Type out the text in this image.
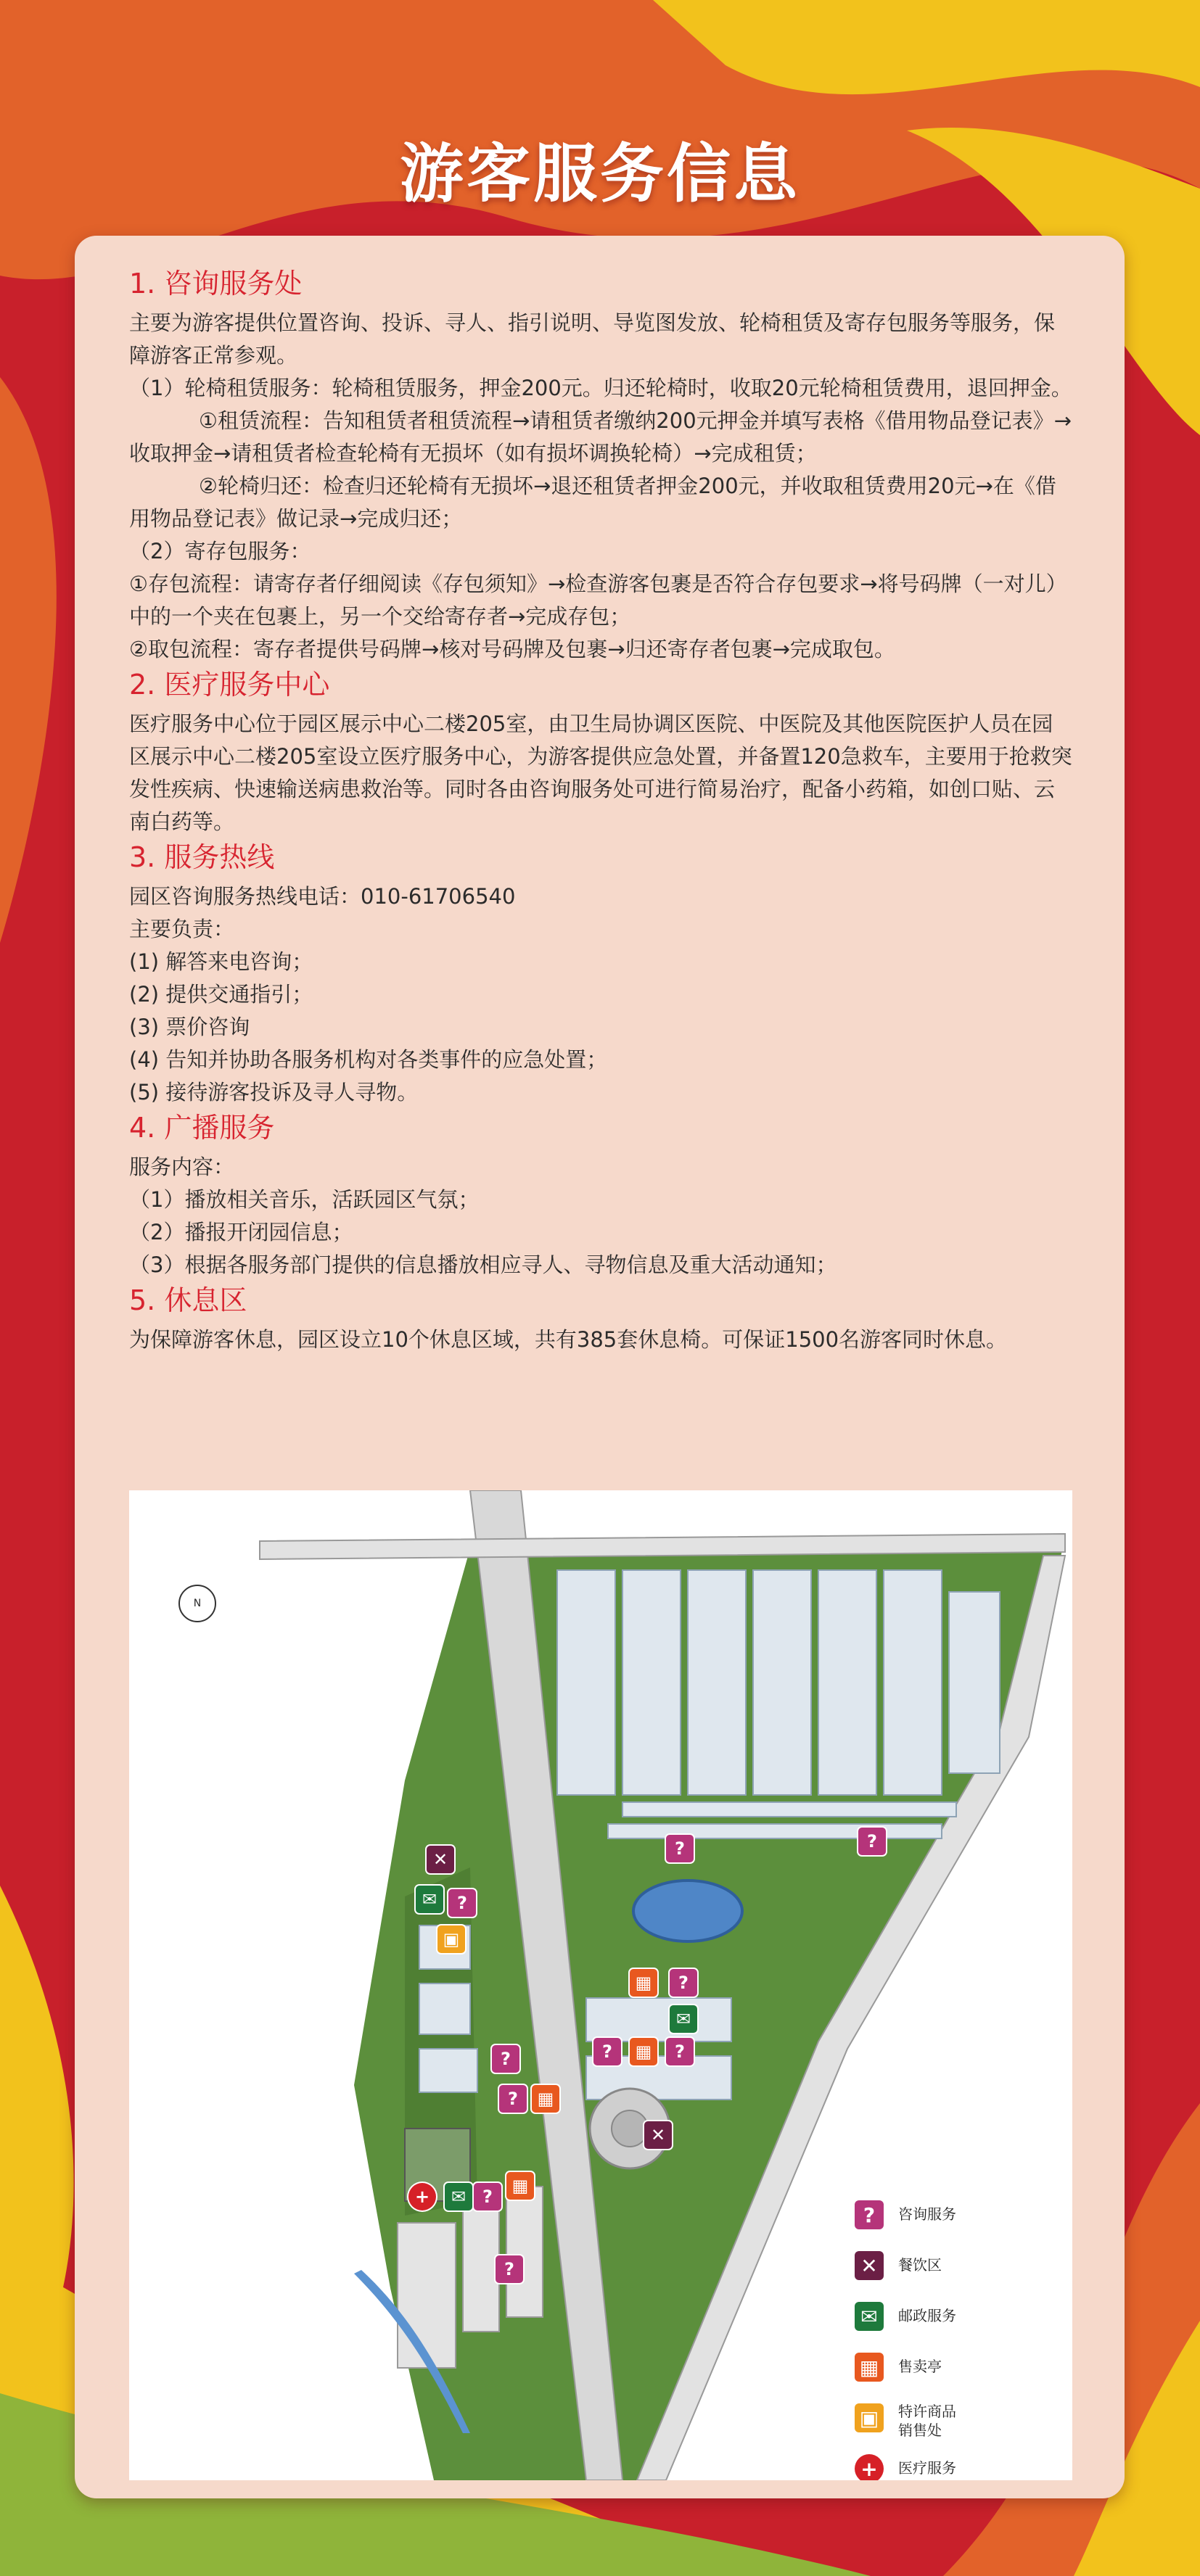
游客服务信息
1. 咨询服务处

主要为游客提供位置咨询、投诉、寻人、指引说明、导览图发放、轮椅租赁及寄存包服务等服务，保障游客正常参观。

（1）轮椅租赁服务：轮椅租赁服务，押金200元。归还轮椅时，收取20元轮椅租赁费用，退回押金。

①租赁流程：告知租赁者租赁流程→请租赁者缴纳200元押金并填写表格《借用物品登记表》→收取押金→请租赁者检查轮椅有无损坏（如有损坏调换轮椅）→完成租赁；

②轮椅归还：检查归还轮椅有无损坏→退还租赁者押金200元，并收取租赁费用20元→在《借用物品登记表》做记录→完成归还；

（2）寄存包服务：

①存包流程：请寄存者仔细阅读《存包须知》→检查游客包裹是否符合存包要求→将号码牌（一对儿）中的一个夹在包裹上，另一个交给寄存者→完成存包；

②取包流程：寄存者提供号码牌→核对号码牌及包裹→归还寄存者包裹→完成取包。

2. 医疗服务中心

医疗服务中心位于园区展示中心二楼205室，由卫生局协调区医院、中医院及其他医院医护人员在园区展示中心二楼205室设立医疗服务中心，为游客提供应急处置，并备置120急救车，主要用于抢救突发性疾病、快速输送病患救治等。同时各由咨询服务处可进行简易治疗，配备小药箱，如创口贴、云南白药等。

3. 服务热线

园区咨询服务热线电话：010-61706540

主要负责：

(1) 解答来电咨询；

(2) 提供交通指引；

(3) 票价咨询

(4) 告知并协助各服务机构对各类事件的应急处置；

(5) 接待游客投诉及寻人寻物。

4. 广播服务

服务内容：

（1）播放相关音乐，活跃园区气氛；

（2）播报开闭园信息；

（3）根据各服务部门提供的信息播放相应寻人、寻物信息及重大活动通知；

5. 休息区

为保障游客休息，园区设立10个休息区域，共有385套休息椅。可保证1500名游客同时休息。

N
?	?
✕
✉	?
▣
▦	?
✉
?	▦	?
?
?	▦
✕
▦
+	✉ ?
?
?	咨询服务
✕	餐饮区
✉	邮政服务
▦	售卖亭
▣	特许商品
销售处
+	医疗服务
